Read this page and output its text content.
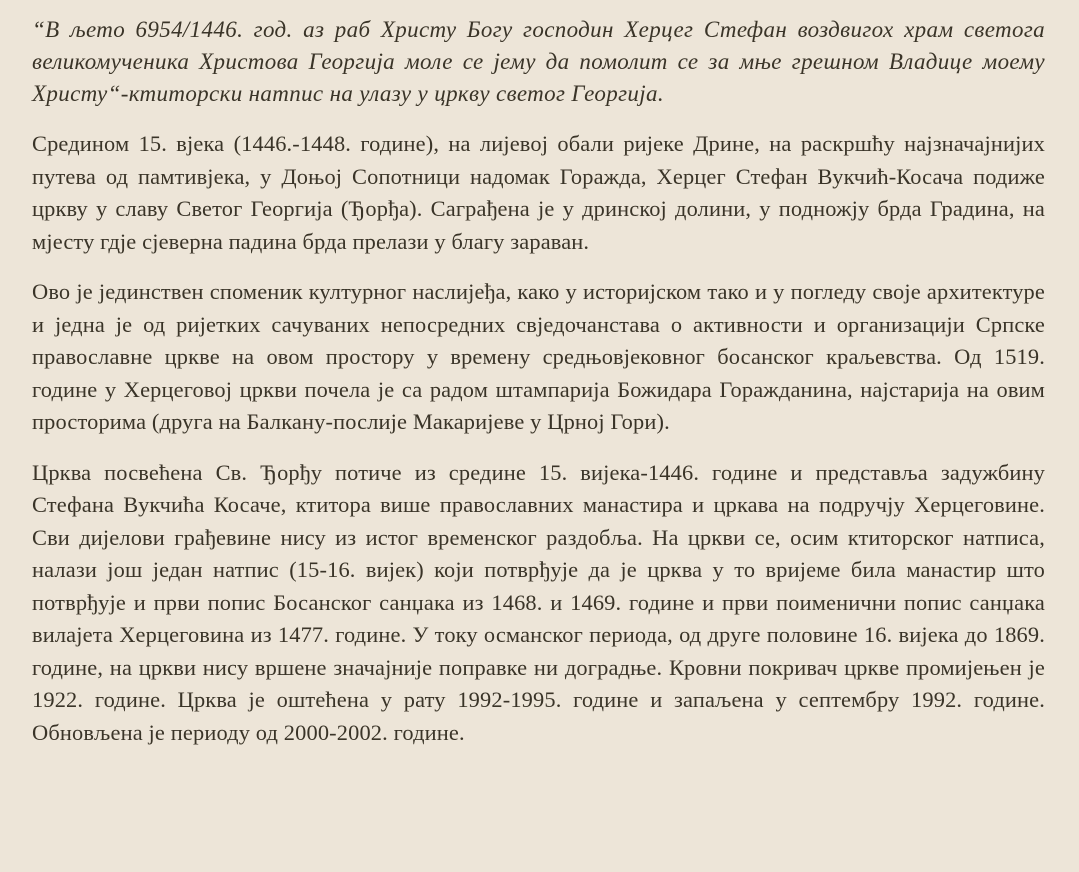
“В љето 6954/1446. год. аз раб Христу Богу господин Херцег Стефан воздвигох храм светога великомученика Христова Георгија моле се jему да помолит се за мње грешном Владице моему Христу“-ктиторски натпис на улазу у цркву светог Георгија.

Средином 15. вјека (1446.-1448. године), на лијевој обали ријеке Дрине, на раскршћу најзначајнијих путева од памтивјека, у Доњој Сопотници надомак Горажда, Херцег Стефан Вукчић-Косача подиже цркву у славу Светог Георгија (Ђорђа). Саграђена је у дринској долини, у подножју брда Градина, на мјесту гдје сјеверна падина брда прелази у благу зараван.

Ово је јединствен споменик културног наслијеђа, како у историјском тако и у погледу своје архитектуре и једна је од ријетких сачуваних непосредних свједочанстава о активности и организацији Српске православне цркве на овом простору у времену средњовјековног босанског краљевства. Од 1519. године у Херцеговој цркви почела је са радом штампарија Божидара Горажданина, најстарија на овим просторима (друга на Балкану-послије Макаријеве у Црној Гори).

Црква посвећена Св. Ђорђу потиче из средине 15. вијека-1446. године и представља задужбину Стефана Вукчића Косаче, ктитора више православних манастира и цркава на подручју Херцеговине. Сви дијелови грађевине нису из истог временског раздобља. На цркви се, осим ктиторског натписа, налази још један натпис (15-16. вијек) који потврђује да је црква у то вријеме била манастир што потврђује и први попис Босанског санџака из 1468. и 1469. године и први поименични попис санџака вилајета Херцеговина из 1477. године. У току османског периода, од друге половине 16. вијека до 1869. године, на цркви нису вршене значајније поправке ни доградње. Кровни покривач цркве промијењен је 1922. године. Црква је оштећена у рату 1992-1995. године и запаљена у септембру 1992. године. Обновљена је периоду од 2000-2002. године.
